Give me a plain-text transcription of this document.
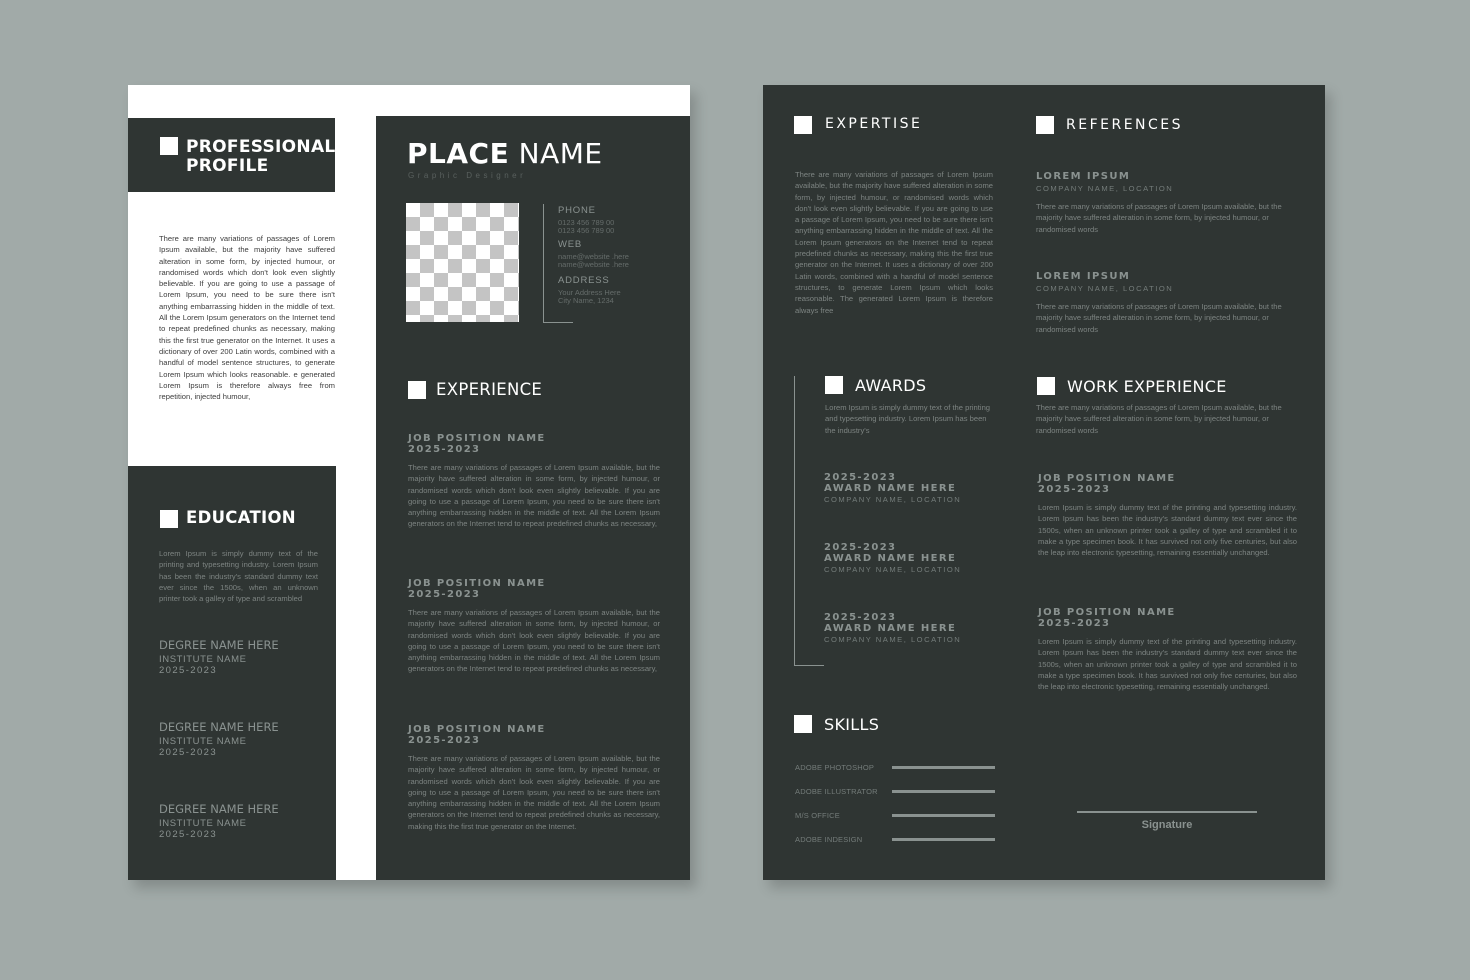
PROFESSIONAL
PROFILE
There are many variations of passages of Lorem Ipsum available, but the majority have suffered alteration in some form, by injected humour, or randomised words which don't look even slightly believable. If you are going to use a passage of Lorem Ipsum, you need to be sure there isn't anything embarrassing hidden in the middle of text. All the Lorem Ipsum generators on the Internet tend to repeat predefined chunks as necessary, making this the first true generator on the Internet. It uses a dictionary of over 200 Latin words, combined with a handful of model sentence structures, to generate Lorem Ipsum which looks reasonable. e generated Lorem Ipsum is therefore always free from repetition, injected humour,
EDUCATION
Lorem Ipsum is simply dummy text of the printing and typesetting industry. Lorem Ipsum has been the industry's standard dummy text ever since the 1500s, when an unknown printer took a galley of type and scrambled
DEGREE NAME HERE
INSTITUTE NAME
2025-2023
DEGREE NAME HERE
INSTITUTE NAME
2025-2023
DEGREE NAME HERE
INSTITUTE NAME
2025-2023
PLACE NAME
Graphic Designer
PHONE
0123 456 789 00
0123 456 789 00
WEB
name@website .here
name@website .here
ADDRESS
Your Address Here
City Name, 1234
EXPERIENCE
JOB POSITION NAME
2025-2023
There are many variations of passages of Lorem Ipsum available, but the majority have suffered alteration in some form, by injected humour, or randomised words which don't look even slightly believable. If you are going to use a passage of Lorem Ipsum, you need to be sure there isn't anything embarrassing hidden in the middle of text. All the Lorem Ipsum generators on the Internet tend to repeat predefined chunks as necessary,
JOB POSITION NAME
2025-2023
There are many variations of passages of Lorem Ipsum available, but the majority have suffered alteration in some form, by injected humour, or randomised words which don't look even slightly believable. If you are going to use a passage of Lorem Ipsum, you need to be sure there isn't anything embarrassing hidden in the middle of text. All the Lorem Ipsum generators on the Internet tend to repeat predefined chunks as necessary,
JOB POSITION NAME
2025-2023
There are many variations of passages of Lorem Ipsum available, but the majority have suffered alteration in some form, by injected humour, or randomised words which don't look even slightly believable. If you are going to use a passage of Lorem Ipsum, you need to be sure there isn't anything embarrassing hidden in the middle of text. All the Lorem Ipsum generators on the Internet tend to repeat predefined chunks as necessary, making this the first true generator on the Internet.
EXPERTISE
There are many variations of passages of Lorem Ipsum available, but the majority have suffered alteration in some form, by injected humour, or randomised words which don't look even slightly believable. If you are going to use a passage of Lorem Ipsum, you need to be sure there isn't anything embarrassing hidden in the middle of text. All the Lorem Ipsum generators on the Internet tend to repeat predefined chunks as necessary, making this the first true generator on the Internet. It uses a dictionary of over 200 Latin words, combined with a handful of model sentence structures, to generate Lorem Ipsum which looks reasonable. The generated Lorem Ipsum is therefore always free
REFERENCES
LOREM IPSUM
COMPANY NAME, LOCATION
There are many variations of passages of Lorem Ipsum available, but the majority have suffered alteration in some form, by injected humour, or randomised words
LOREM IPSUM
COMPANY NAME, LOCATION
There are many variations of passages of Lorem Ipsum available, but the majority have suffered alteration in some form, by injected humour, or randomised words
AWARDS
Lorem Ipsum is simply dummy text of the printing and typesetting industry. Lorem Ipsum has been the industry's
2025-2023
AWARD NAME HERE
COMPANY NAME, LOCATION
2025-2023
AWARD NAME HERE
COMPANY NAME, LOCATION
2025-2023
AWARD NAME HERE
COMPANY NAME, LOCATION
WORK EXPERIENCE
There are many variations of passages of Lorem Ipsum available, but the majority have suffered alteration in some form, by injected humour, or randomised words
JOB POSITION NAME
2025-2023
Lorem Ipsum is simply dummy text of the printing and typesetting industry. Lorem Ipsum has been the industry's standard dummy text ever since the 1500s, when an unknown printer took a galley of type and scrambled it to make a type specimen book. It has survived not only five centuries, but also the leap into electronic typesetting, remaining essentially unchanged.
JOB POSITION NAME
2025-2023
Lorem Ipsum is simply dummy text of the printing and typesetting industry. Lorem Ipsum has been the industry's standard dummy text ever since the 1500s, when an unknown printer took a galley of type and scrambled it to make a type specimen book. It has survived not only five centuries, but also the leap into electronic typesetting, remaining essentially unchanged.
SKILLS
ADOBE PHOTOSHOP
ADOBE ILLUSTRATOR
M/S OFFICE
ADOBE INDESIGN
Signature
